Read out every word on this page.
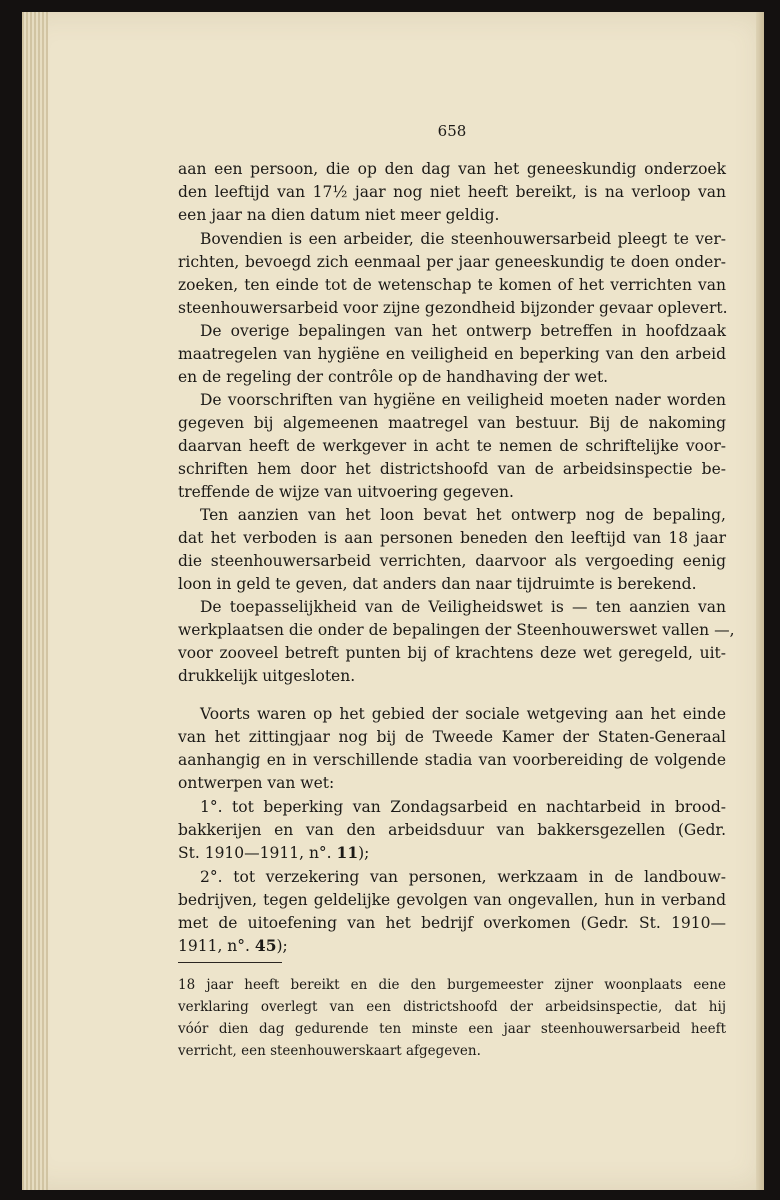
658
aan een persoon, die op den dag van het geneeskundig onderzoek
den leeftijd van 17½ jaar nog niet heeft bereikt, is na verloop van
een jaar na dien datum niet meer geldig.
Bovendien is een arbeider, die steenhouwersarbeid pleegt te ver-
richten, bevoegd zich eenmaal per jaar geneeskundig te doen onder-
zoeken, ten einde tot de wetenschap te komen of het verrichten van
steenhouwersarbeid voor zijne gezondheid bijzonder gevaar oplevert.
De overige bepalingen van het ontwerp betreffen in hoofdzaak
maatregelen van hygiëne en veiligheid en beperking van den arbeid
en de regeling der contrôle op de handhaving der wet.
De voorschriften van hygiëne en veiligheid moeten nader worden
gegeven bij algemeenen maatregel van bestuur. Bij de nakoming
daarvan heeft de werkgever in acht te nemen de schriftelijke voor-
schriften hem door het districtshoofd van de arbeidsinspectie be-
treffende de wijze van uitvoering gegeven.
Ten aanzien van het loon bevat het ontwerp nog de bepaling,
dat het verboden is aan personen beneden den leeftijd van 18 jaar
die steenhouwersarbeid verrichten, daarvoor als vergoeding eenig
loon in geld te geven, dat anders dan naar tijdruimte is berekend.
De toepasselijkheid van de Veiligheidswet is — ten aanzien van
werkplaatsen die onder de bepalingen der Steenhouwerswet vallen —,
voor zooveel betreft punten bij of krachtens deze wet geregeld, uit-
drukkelijk uitgesloten.
Voorts waren op het gebied der sociale wetgeving aan het einde
van het zittingjaar nog bij de Tweede Kamer der Staten-Generaal
aanhangig en in verschillende stadia van voorbereiding de volgende
ontwerpen van wet:
1°. tot beperking van Zondagsarbeid en nachtarbeid in brood-
bakkerijen en van den arbeidsduur van bakkersgezellen (Gedr.
St. 1910—1911, n°. 11);
2°. tot verzekering van personen, werkzaam in de landbouw-
bedrijven, tegen geldelijke gevolgen van ongevallen, hun in verband
met de uitoefening van het bedrijf overkomen (Gedr. St. 1910—
1911, n°. 45);
18 jaar heeft bereikt en die den burgemeester zijner woonplaats eene
verklaring overlegt van een districtshoofd der arbeidsinspectie, dat hij
vóór dien dag gedurende ten minste een jaar steenhouwersarbeid heeft
verricht, een steenhouwerskaart afgegeven.
